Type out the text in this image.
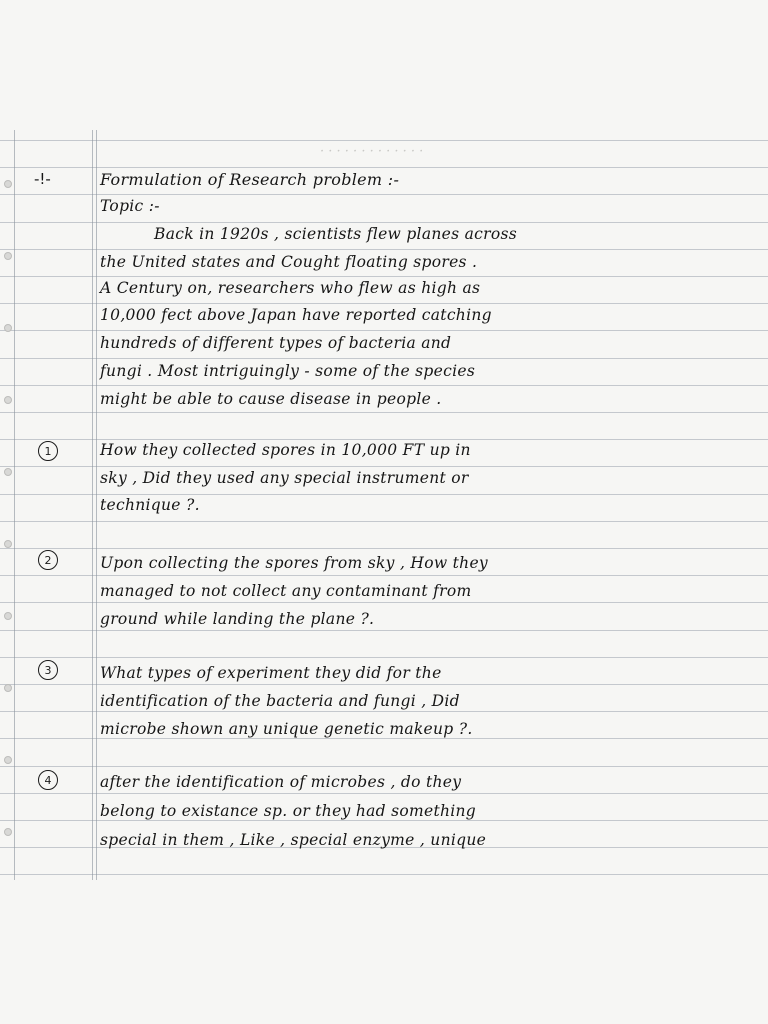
· · · · · · · · · · · · ·
-!-	Formulation of Research problem :-
Topic :-
Back in 1920s , scientists flew planes across
the United states and Cought floating spores .
A Century on, researchers who flew as high as
10,000 fect above Japan have reported catching
hundreds of different types of bacteria and
fungi . Most intriguingly - some of the species
might be able to cause disease in people .
1	How they collected spores in 10,000 FT up in
sky , Did they used any special instrument or
technique ?.
2	Upon collecting the spores from sky , How they
managed to not collect any contaminant from
ground while landing the plane ?.
3	What types of experiment they did for the
identification of the bacteria and fungi , Did
microbe shown any unique genetic makeup ?.
4	after the identification of microbes , do they
belong to existance sp. or they had something
special in them , Like , special enzyme , unique
